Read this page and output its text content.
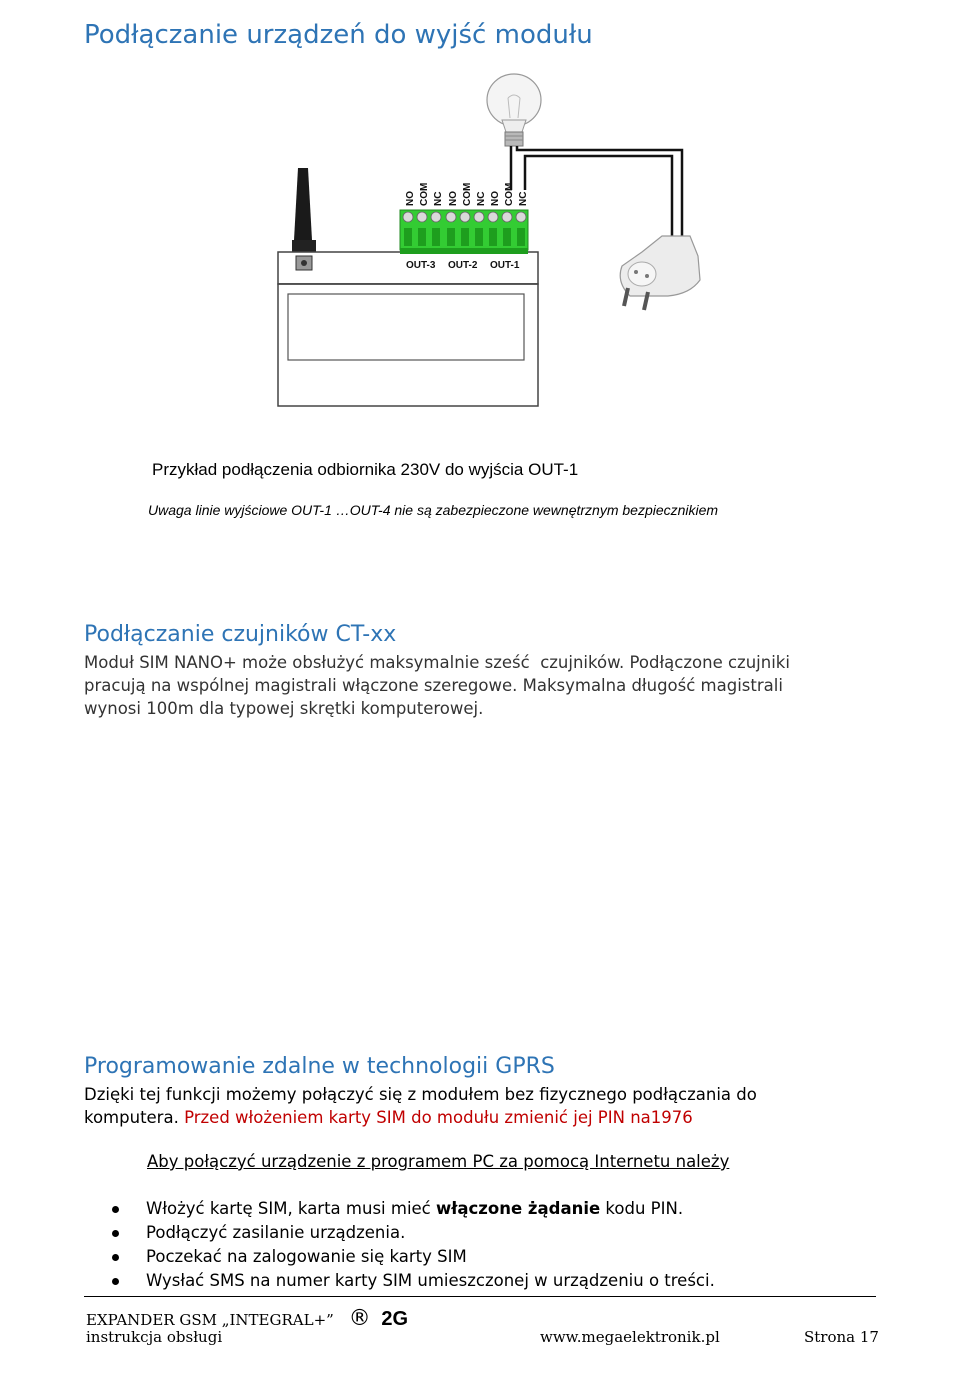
Podłączanie urządzeń do wyjść modułu
NO COM NC NO COM NC NO COM NC
OUT-3 OUT-2 OUT-1
Przykład podłączenia odbiornika 230V do wyjścia OUT-1
Uwaga linie wyjściowe OUT-1 …OUT-4 nie są zabezpieczone wewnętrznym bezpiecznikiem
Podłączanie czujników CT-xx
Moduł SIM NANO+ może obsłużyć maksymalnie sześć  czujników. Podłączone czujniki
pracują na wspólnej magistrali włączone szeregowe. Maksymalna długość magistrali
wynosi 100m dla typowej skrętki komputerowej.
Programowanie zdalne w technologii GPRS
Dzięki tej funkcji możemy połączyć się z modułem bez fizycznego podłączania do
komputera. Przed włożeniem karty SIM do modułu zmienić jej PIN na1976
Aby połączyć urządzenie z programem PC za pomocą Internetu należy
Włożyć kartę SIM, karta musi mieć włączone żądanie kodu PIN.
Podłączyć zasilanie urządzenia.
Poczekać na zalogowanie się karty SIM
Wysłać SMS na numer karty SIM umieszczonej w urządzeniu o treści.
EXPANDER GSM „INTEGRAL+” ® 2G
instrukcja obsługi	www.megaelektronik.pl	Strona 17
